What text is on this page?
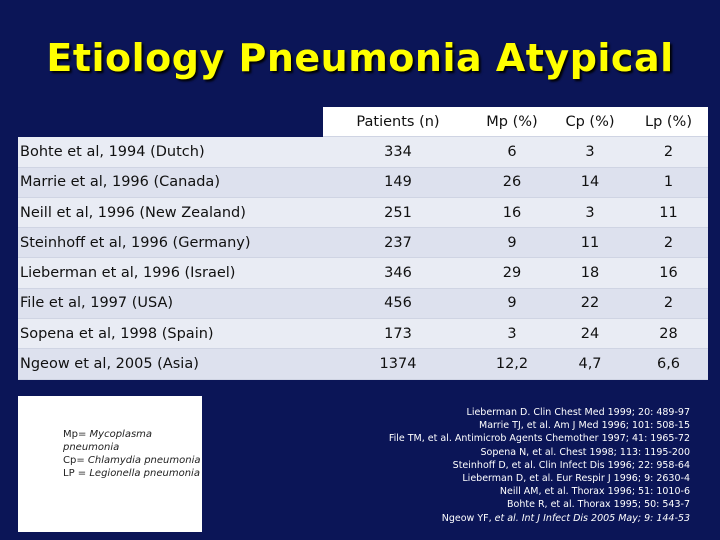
Etiology Pneumonia Atypical
	Patients (n)	Mp (%)	Cp (%)	Lp (%)
Bohte et al, 1994 (Dutch)	334	6	3	2
Marrie et al, 1996 (Canada)	149	26	14	1
Neill et al, 1996 (New Zealand)	251	16	3	11
Steinhoff et al, 1996 (Germany)	237	9	11	2
Lieberman et al, 1996 (Israel)	346	29	18	16
File et al, 1997 (USA)	456	9	22	2
Sopena et al, 1998 (Spain)	173	3	24	28
Ngeow et al, 2005 (Asia)	1374	12,2	4,7	6,6
Mp= Mycoplasma pneumonia
Cp= Chlamydia pneumonia
LP = Legionella pneumonia
Lieberman D. Clin Chest Med 1999; 20: 489-97
Marrie TJ, et al. Am J Med 1996; 101: 508-15
File TM, et al. Antimicrob Agents Chemother 1997; 41: 1965-72
Sopena N, et al. Chest 1998; 113: 1195-200
Steinhoff D, et al. Clin Infect Dis 1996; 22: 958-64
Lieberman D, et al. Eur Respir J 1996; 9: 2630-4
Neill AM, et al. Thorax 1996; 51: 1010-6
Bohte R, et al. Thorax 1995; 50: 543-7
Ngeow YF, et al. Int J Infect Dis 2005 May; 9: 144-53
